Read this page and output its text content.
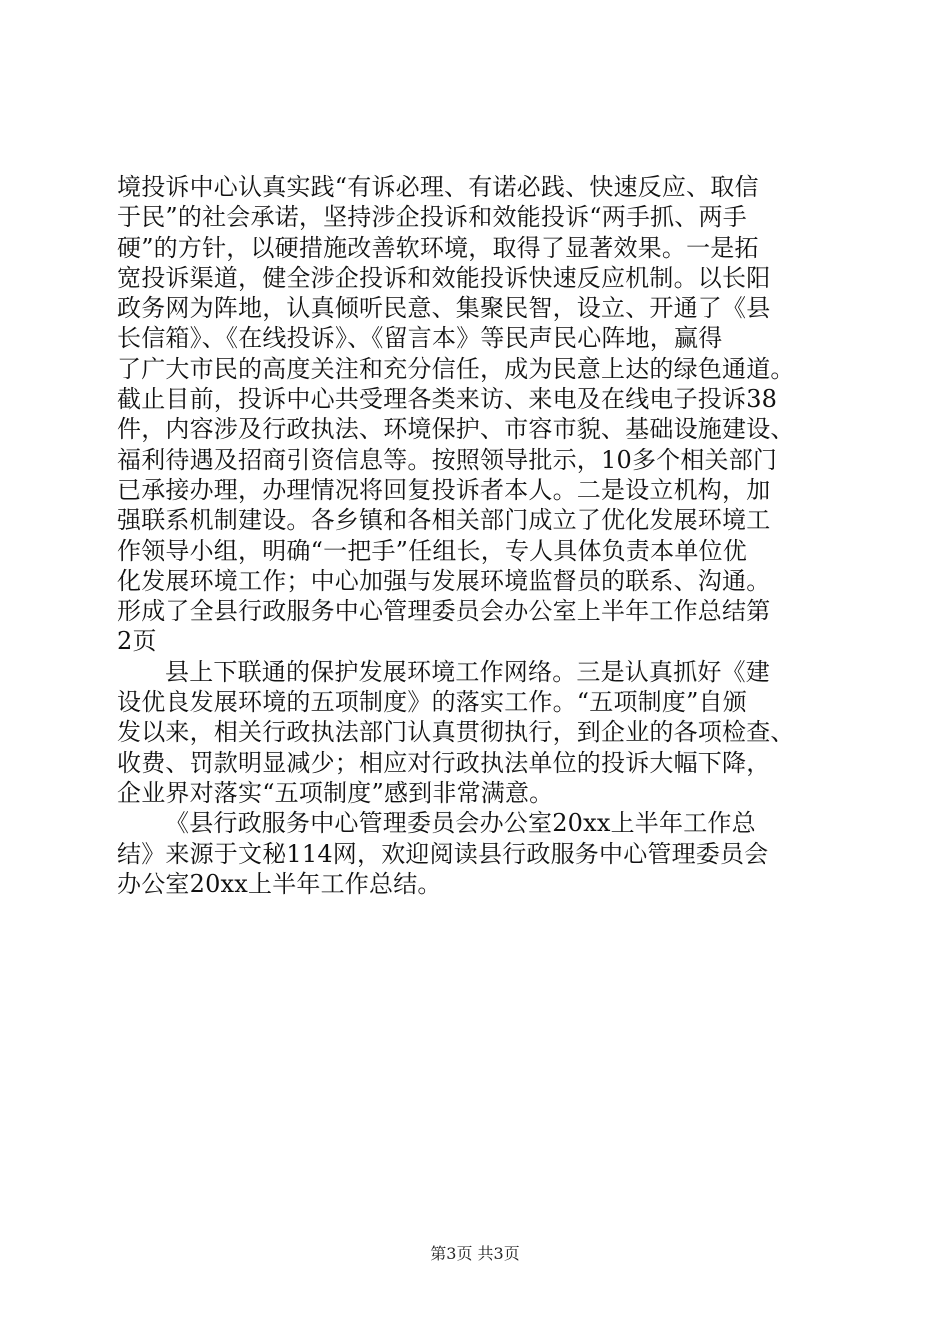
境投诉中心认真实践“有诉必理、有诺必践、快速反应、取信
于民”的社会承诺，坚持涉企投诉和效能投诉“两手抓、两手
硬”的方针，以硬措施改善软环境，取得了显著效果。一是拓
宽投诉渠道，健全涉企投诉和效能投诉快速反应机制。以长阳
政务网为阵地，认真倾听民意、集聚民智，设立、开通了《县
长信箱》、《在线投诉》、《留言本》等民声民心阵地，赢得
了广大市民的高度关注和充分信任，成为民意上达的绿色通道。
截止目前，投诉中心共受理各类来访、来电及在线电子投诉38
件，内容涉及行政执法、环境保护、市容市貌、基础设施建设、
福利待遇及招商引资信息等。按照领导批示，10多个相关部门
已承接办理，办理情况将回复投诉者本人。二是设立机构，加
强联系机制建设。各乡镇和各相关部门成立了优化发展环境工
作领导小组，明确“一把手”任组长，专人具体负责本单位优
化发展环境工作；中心加强与发展环境监督员的联系、沟通。
形成了全县行政服务中心管理委员会办公室上半年工作总结第
2页
县上下联通的保护发展环境工作网络。三是认真抓好《建
设优良发展环境的五项制度》的落实工作。“五项制度”自颁
发以来，相关行政执法部门认真贯彻执行，到企业的各项检查、
收费、罚款明显减少；相应对行政执法单位的投诉大幅下降，
企业界对落实“五项制度”感到非常满意。
《县行政服务中心管理委员会办公室20xx上半年工作总
结》来源于文秘114网，欢迎阅读县行政服务中心管理委员会
办公室20xx上半年工作总结。
第3页 共3页
